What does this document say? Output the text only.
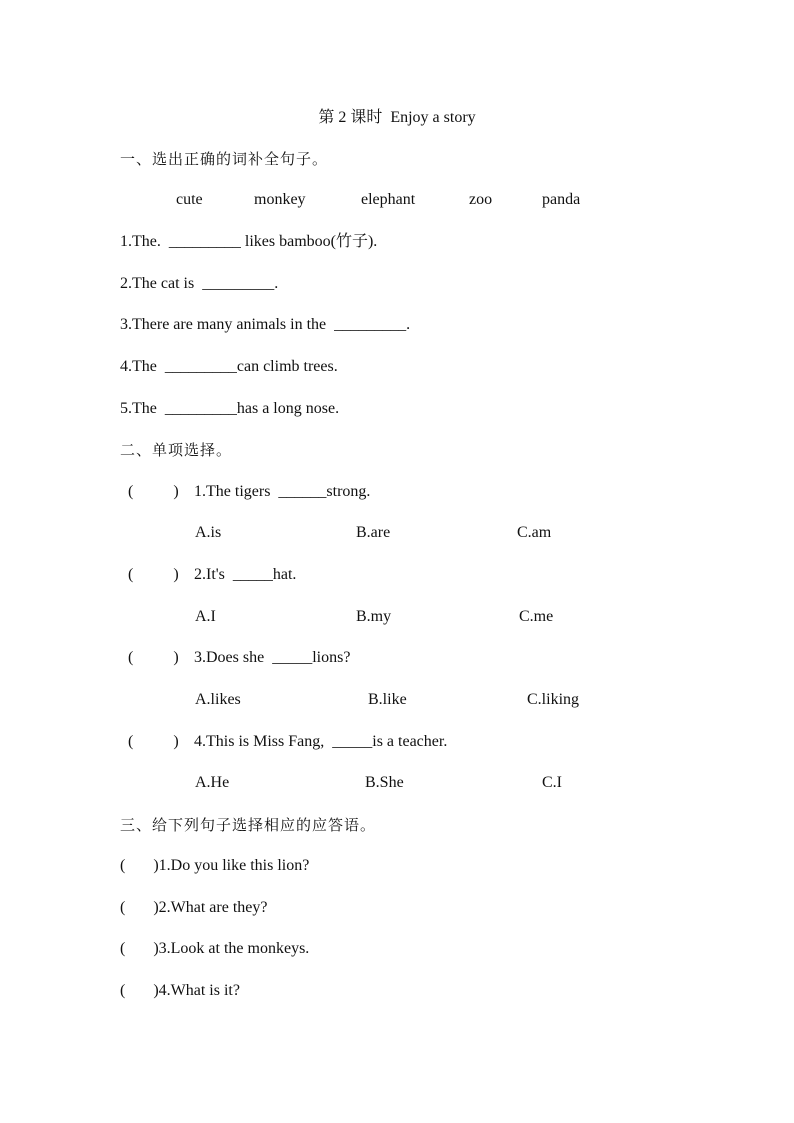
第 2 课时  Enjoy a story
一、选出正确的词补全句子。
cute	monkey	elephant	zoo	panda
1.The.  _________ likes bamboo(竹子).
2.The cat is  _________.
3.There are many animals in the  _________.
4.The  _________can climb trees.
5.The  _________has a long nose.
二、单项选择。
(          ) 1.The tigers  ______strong.
A.is	B.are	C.am
(          ) 2.It's  _____hat.
A.I	B.my	C.me
(          ) 3.Does she  _____lions?
A.likes	B.like	C.liking
(          ) 4.This is Miss Fang,  _____is a teacher.
A.He	B.She	C.I
三、给下列句子选择相应的应答语。
(       )1.Do you like this lion?
(       )2.What are they?
(       )3.Look at the monkeys.
(       )4.What is it?
